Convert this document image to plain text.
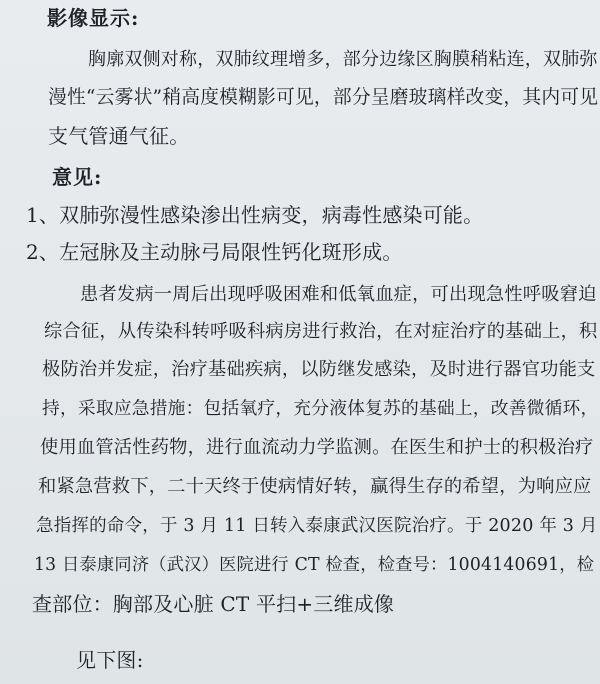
影像显示:
胸廓双侧对称，双肺纹理增多，部分边缘区胸膜稍粘连，双肺弥
漫性“云雾状”稍高度模糊影可见，部分呈磨玻璃样改变，其内可见
支气管通气征。
意见:
1、双肺弥漫性感染渗出性病变，病毒性感染可能。
2、左冠脉及主动脉弓局限性钙化斑形成。
患者发病一周后出现呼吸困难和低氧血症，可出现急性呼吸窘迫
综合征，从传染科转呼吸科病房进行救治，在对症治疗的基础上，积
极防治并发症，治疗基础疾病，以防继发感染，及时进行器官功能支
持，采取应急措施：包括氧疗，充分液体复苏的基础上，改善微循环，
使用血管活性药物，进行血流动力学监测。在医生和护士的积极治疗
和紧急营救下，二十天终于使病情好转，赢得生存的希望，为响应应
急指挥的命令，于 3 月 11 日转入泰康武汉医院治疗。于 2020 年 3 月
13 日泰康同济（武汉）医院进行 CT 检查，检查号：1004140691，检
查部位：胸部及心脏 CT 平扫+三维成像
见下图:
